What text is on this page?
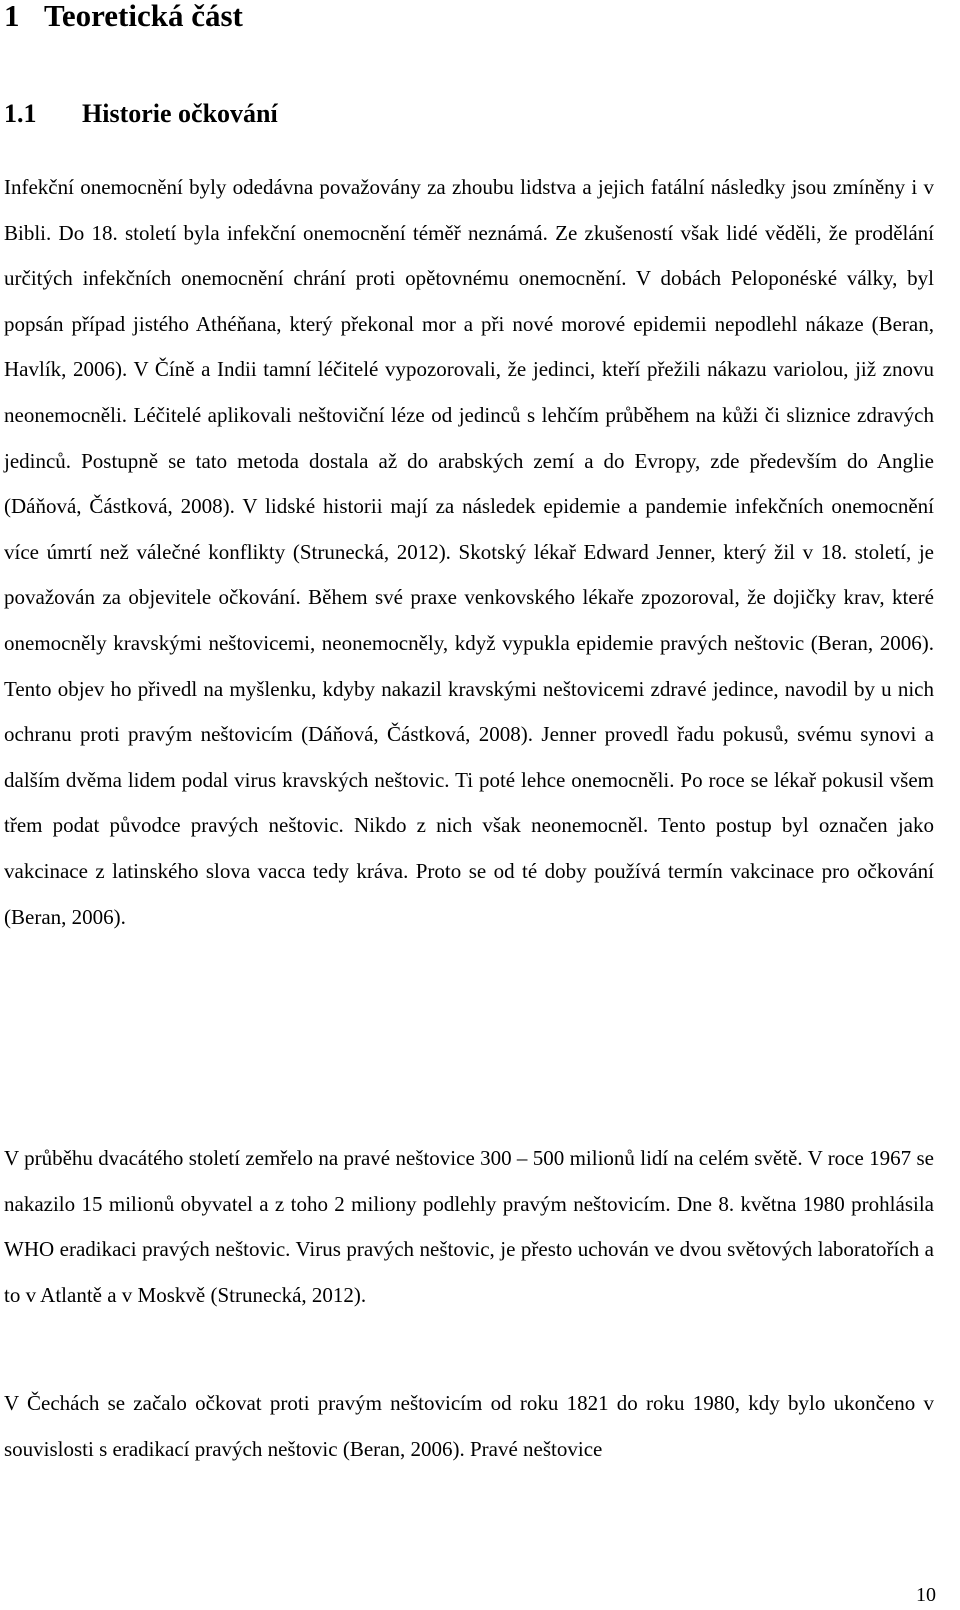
1 Teoretická část
1.1 Historie očkování

Infekční onemocnění byly odedávna považovány za zhoubu lidstva a jejich fatální následky jsou zmíněny i v Bibli. Do 18. století byla infekční onemocnění téměř neznámá. Ze zkušeností však lidé věděli, že prodělání určitých infekčních onemocnění chrání proti opětovnému onemocnění. V dobách Peloponéské války, byl popsán případ jistého Athéňana, který překonal mor a při nové morové epidemii nepodlehl nákaze (Beran, Havlík, 2006). V Číně a Indii tamní léčitelé vypozorovali, že jedinci, kteří přežili nákazu variolou, již znovu neonemocněli. Léčitelé aplikovali neštoviční léze od jedinců s lehčím průběhem na kůži či sliznice zdravých jedinců. Postupně se tato metoda dostala až do arabských zemí a do Evropy, zde především do Anglie (Dáňová, Částková, 2008). V lidské historii mají za následek epidemie a pandemie infekčních onemocnění více úmrtí než válečné konflikty (Strunecká, 2012). Skotský lékař Edward Jenner, který žil v 18. století, je považován za objevitele očkování. Během své praxe venkovského lékaře zpozoroval, že dojičky krav, které onemocněly kravskými neštovicemi, neonemocněly, když vypukla epidemie pravých neštovic (Beran, 2006). Tento objev ho přivedl na myšlenku, kdyby nakazil kravskými neštovicemi zdravé jedince, navodil by u nich ochranu proti pravým neštovicím (Dáňová, Částková, 2008). Jenner provedl řadu pokusů, svému synovi a dalším dvěma lidem podal virus kravských neštovic. Ti poté lehce onemocněli. Po roce se lékař pokusil všem třem podat původce pravých neštovic. Nikdo z nich však neonemocněl. Tento postup byl označen jako vakcinace z latinského slova vacca tedy kráva. Proto se od té doby používá termín vakcinace pro očkování (Beran, 2006).

V průběhu dvacátého století zemřelo na pravé neštovice 300 – 500 milionů lidí na celém světě. V roce 1967 se nakazilo 15 milionů obyvatel a z toho 2 miliony podlehly pravým neštovicím. Dne 8. května 1980 prohlásila WHO eradikaci pravých neštovic. Virus pravých neštovic, je přesto uchován ve dvou světových laboratořích a to v Atlantě a v Moskvě (Strunecká, 2012).

V Čechách se začalo očkovat proti pravým neštovicím od roku 1821 do roku 1980, kdy bylo ukončeno v souvislosti s eradikací pravých neštovic (Beran, 2006). Pravé neštovice

10
